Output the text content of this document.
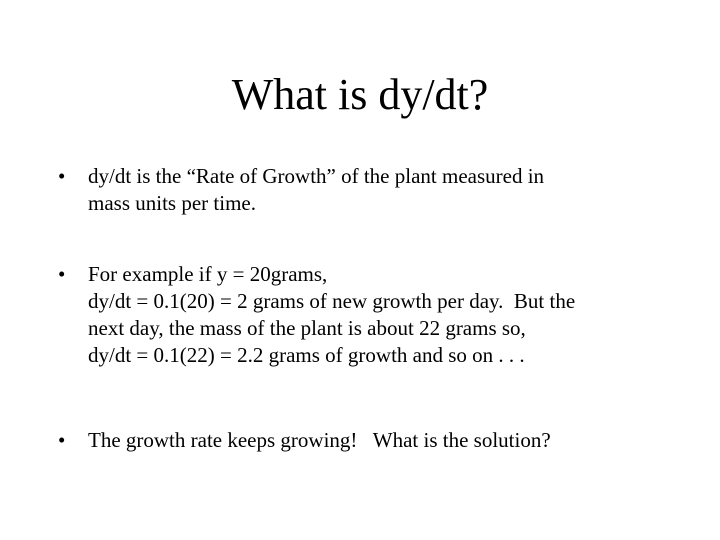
What is dy/dt?
•	dy/dt is the “Rate of Growth” of the plant measured in
mass units per time.
•	For example if y = 20grams,
dy/dt = 0.1(20) = 2 grams of new growth per day.  But the
next day, the mass of the plant is about 22 grams so,
dy/dt = 0.1(22) = 2.2 grams of growth and so on . . .
•	The growth rate keeps growing!   What is the solution?
